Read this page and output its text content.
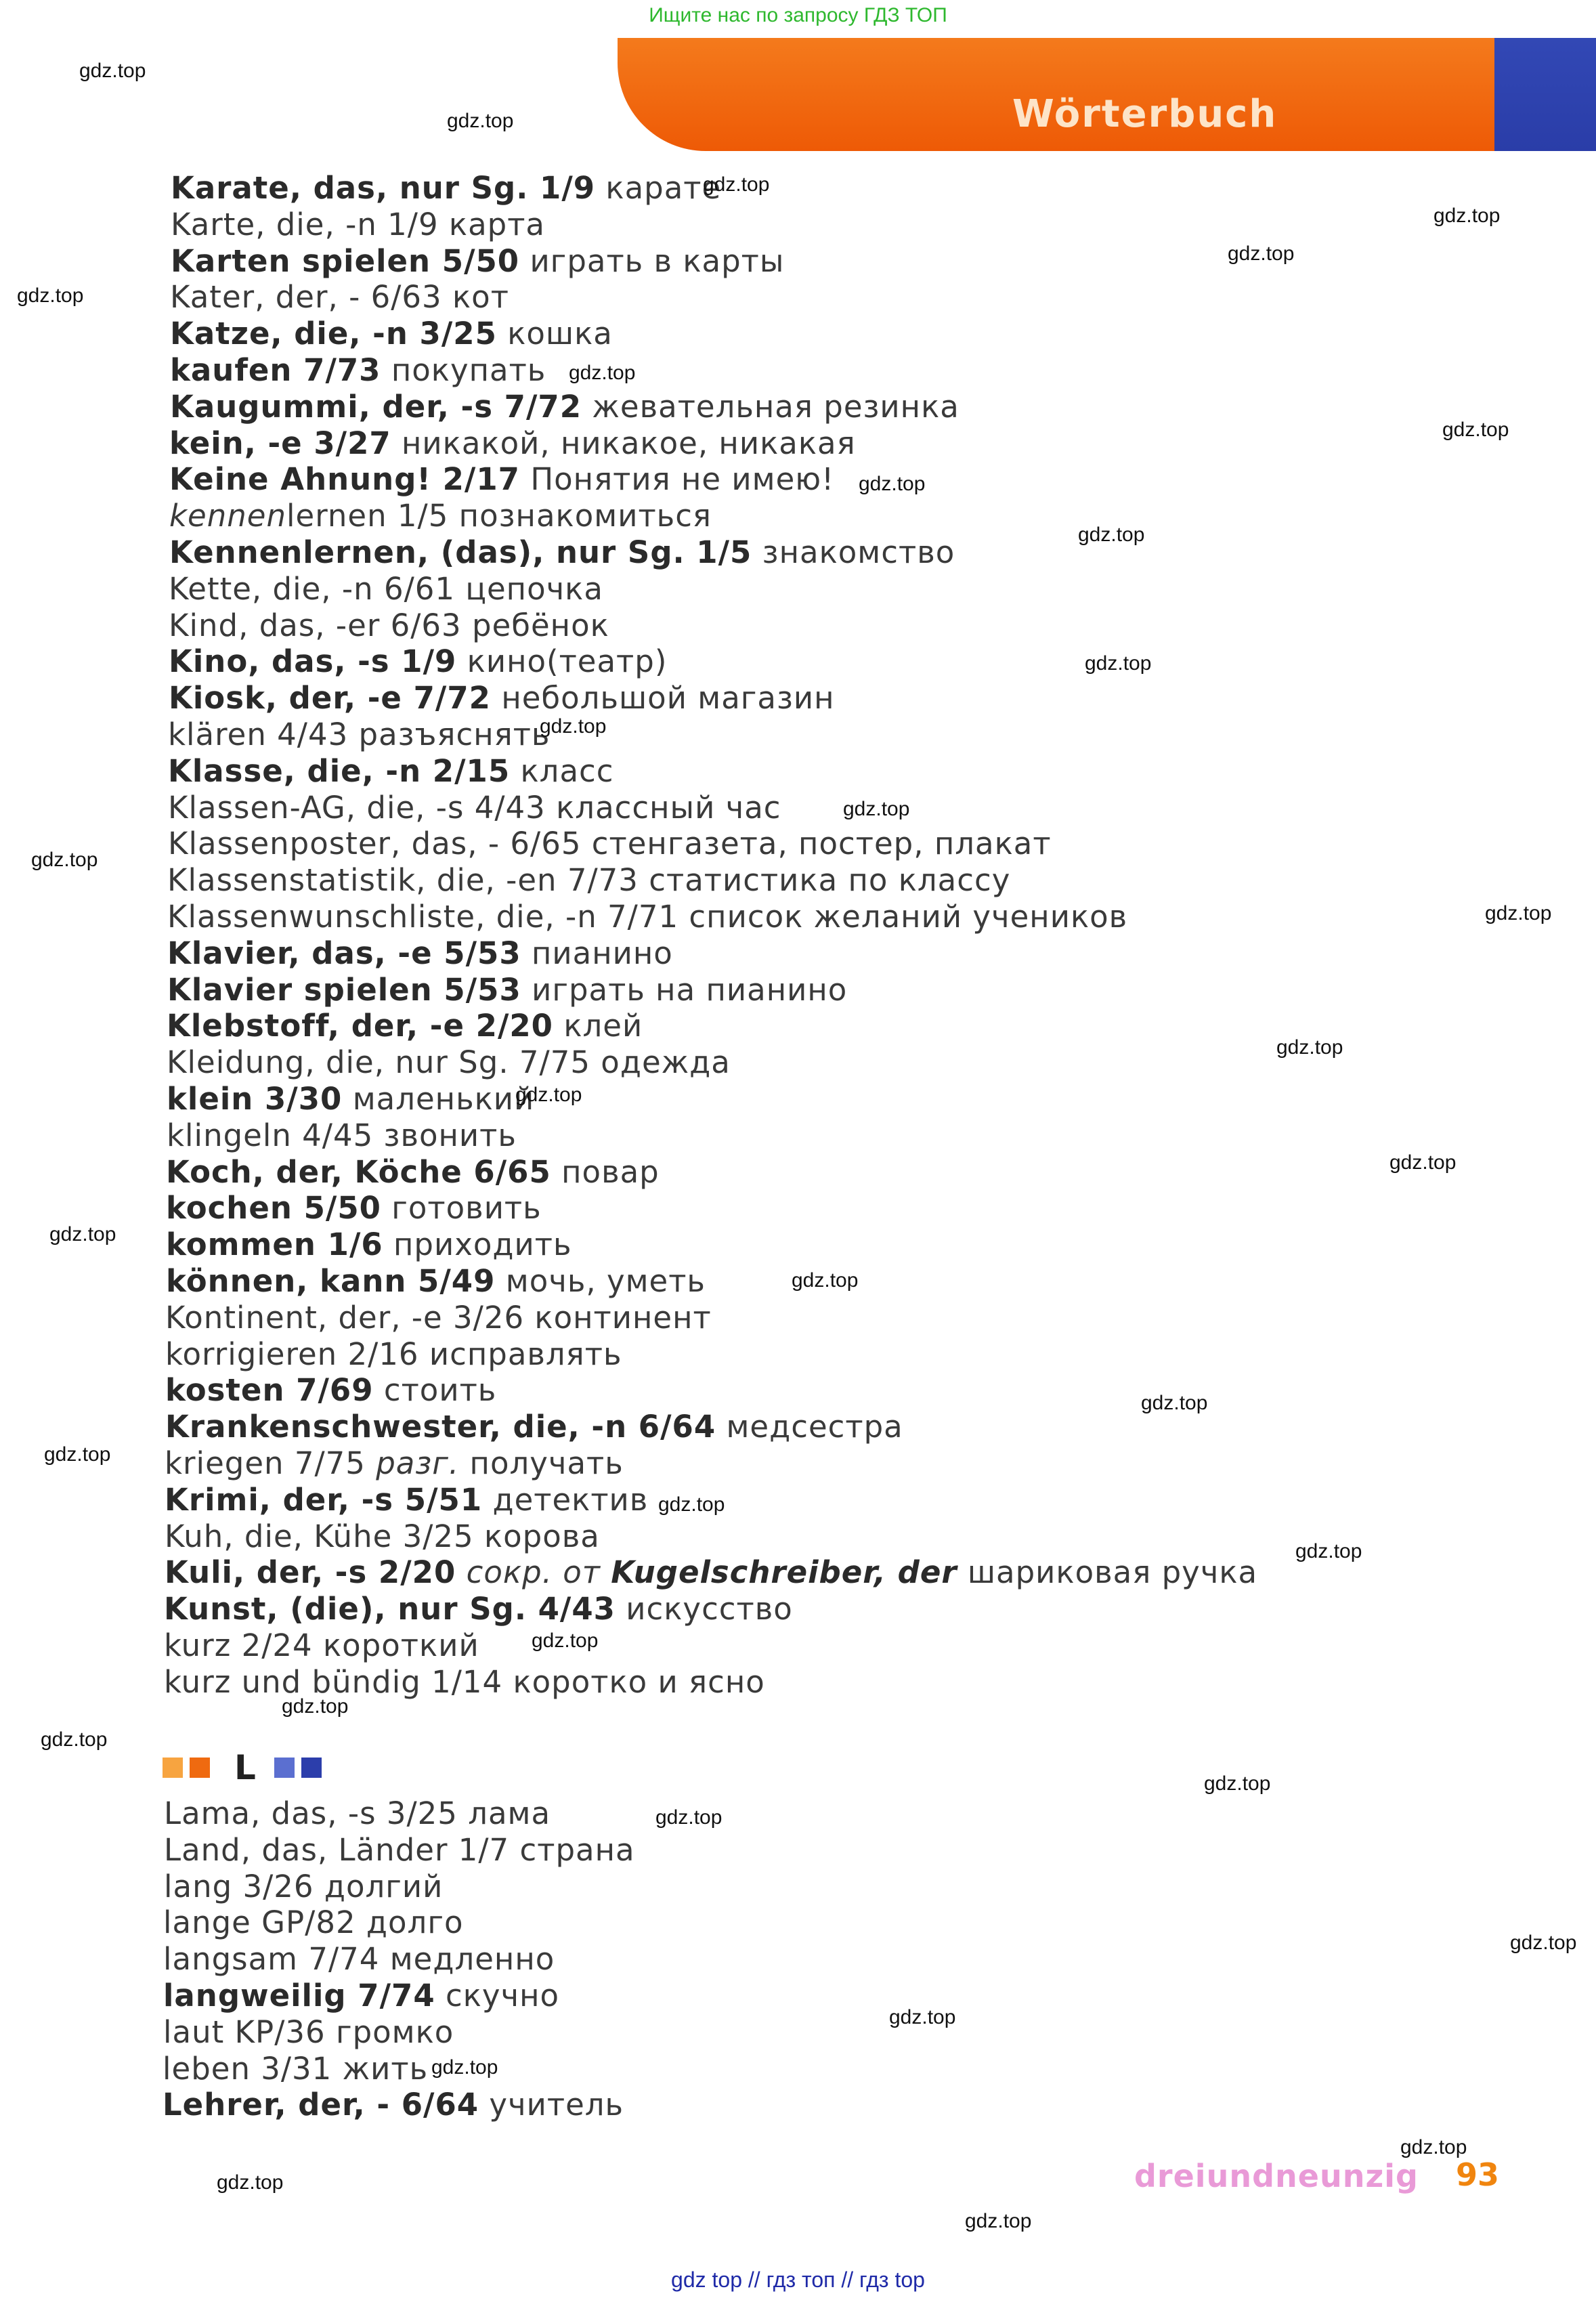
Ищите нас по запросу ГДЗ ТОП
Wörterbuch
Karate, das, nur Sg. 1/9 карате
Karte, die, -n 1/9 карта
Karten spielen 5/50 играть в карты
Kater, der, - 6/63 кот
Katze, die, -n 3/25 кошка
kaufen 7/73 покупать
Kaugummi, der, -s 7/72 жевательная резинка
kein, -e 3/27 никакой, никакое, никакая
Keine Ahnung! 2/17 Понятия не имею!
kennenlernen 1/5 познакомиться
Kennenlernen, (das), nur Sg. 1/5 знакомство
Kette, die, -n 6/61 цепочка
Kind, das, -er 6/63 ребёнок
Kino, das, -s 1/9 кино(театр)
Kiosk, der, -e 7/72 небольшой магазин
klären 4/43 разъяснять
Klasse, die, -n 2/15 класс
Klassen-AG, die, -s 4/43 классный час
Klassenposter, das, - 6/65 стенгазета, постер, плакат
Klassenstatistik, die, -en 7/73 статистика по классу
Klassenwunschliste, die, -n 7/71 список желаний учеников
Klavier, das, -e 5/53 пианино
Klavier spielen 5/53 играть на пианино
Klebstoff, der, -e 2/20 клей
Kleidung, die, nur Sg. 7/75 одежда
klein 3/30 маленький
klingeln 4/45 звонить
Koch, der, Köche 6/65 повар
kochen 5/50 готовить
kommen 1/6 приходить
können, kann 5/49 мочь, уметь
Kontinent, der, -e 3/26 континент
korrigieren 2/16 исправлять
kosten 7/69 стоить
Krankenschwester, die, -n 6/64 медсестра
kriegen 7/75 разг. получать
Krimi, der, -s 5/51 детектив
Kuh, die, Kühe 3/25 корова
Kuli, der, -s 2/20 сокр. от Kugelschreiber, der шариковая ручка
Kunst, (die), nur Sg. 4/43 искусство
kurz 2/24 короткий
kurz und bündig 1/14 коротко и ясно
L
Lama, das, -s 3/25 лама
Land, das, Länder 1/7 страна
lang 3/26 долгий
lange GP/82 долго
langsam 7/74 медленно
langweilig 7/74 скучно
laut KP/36 громко
leben 3/31 жить
Lehrer, der, - 6/64 учитель
dreiundneunzig 93
gdz top // гдз топ // гдз top
gdz.top
gdz.top
gdz.top
gdz.top
gdz.top
gdz.top
gdz.top
gdz.top
gdz.top
gdz.top
gdz.top
gdz.top
gdz.top
gdz.top
gdz.top
gdz.top
gdz.top
gdz.top
gdz.top
gdz.top
gdz.top
gdz.top
gdz.top
gdz.top
gdz.top
gdz.top
gdz.top
gdz.top
gdz.top
gdz.top
gdz.top
gdz.top
gdz.top
gdz.top
gdz.top
